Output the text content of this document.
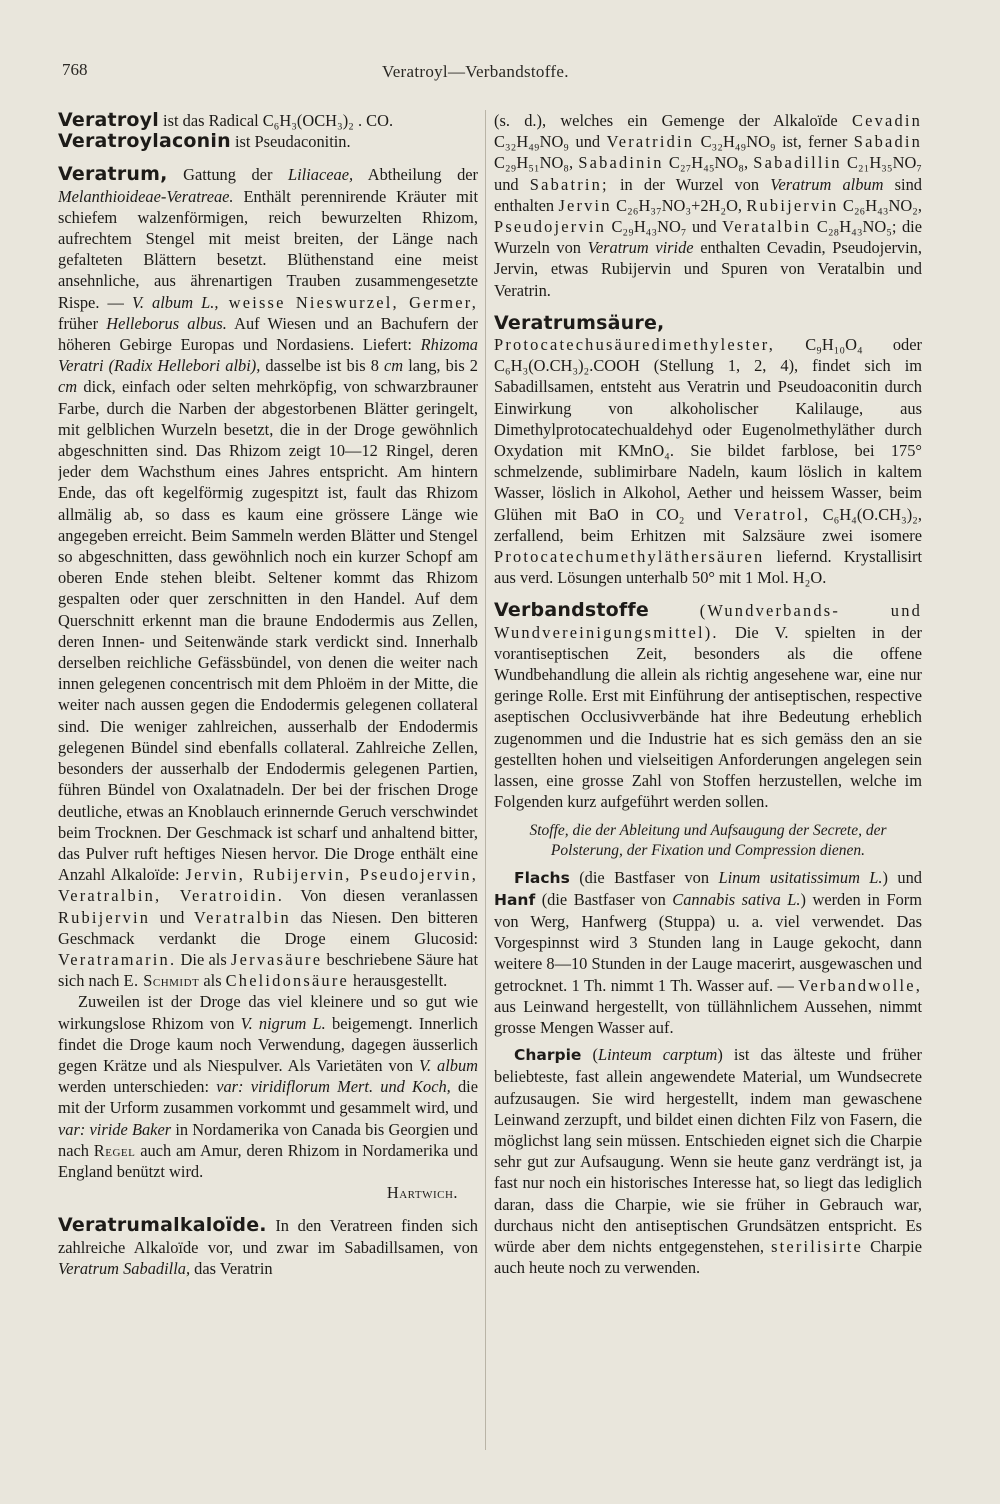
768	Veratroyl—Verbandstoffe.

Veratroyl ist das Radical C₆H₃(OCH₃)₂ . CO.

Veratroylaconin ist Pseudaconitin.

Veratrum, Gattung der Liliaceae, Abtheilung der Melanthioideae-Veratreae. Enthält perennirende Kräuter mit schiefem walzenförmigen, reich bewurzelten Rhizom, aufrechtem Stengel mit meist breiten, der Länge nach gefalteten Blättern besetzt. Blüthenstand eine meist ansehnliche, aus ährenartigen Trauben zusammengesetzte Rispe. — V. album L., weisse Nieswurzel, Germer, früher Helleborus albus. Auf Wiesen und an Bachufern der höheren Gebirge Europas und Nordasiens. Liefert: Rhizoma Veratri (Radix Hellebori albi), dasselbe ist bis 8 cm lang, bis 2 cm dick, einfach oder selten mehrköpfig, von schwarzbrauner Farbe, durch die Narben der abgestorbenen Blätter geringelt, mit gelblichen Wurzeln besetzt, die in der Droge gewöhnlich abgeschnitten sind. Das Rhizom zeigt 10—12 Ringel, deren jeder dem Wachsthum eines Jahres entspricht. Am hintern Ende, das oft kegelförmig zugespitzt ist, fault das Rhizom allmälig ab, so dass es kaum eine grössere Länge wie angegeben erreicht. Beim Sammeln werden Blätter und Stengel so abgeschnitten, dass gewöhnlich noch ein kurzer Schopf am oberen Ende stehen bleibt. Seltener kommt das Rhizom gespalten oder quer zerschnitten in den Handel. Auf dem Querschnitt erkennt man die braune Endodermis aus Zellen, deren Innen- und Seitenwände stark verdickt sind. Innerhalb derselben reichliche Gefässbündel, von denen die weiter nach innen gelegenen concentrisch mit dem Phloëm in der Mitte, die weiter nach aussen gegen die Endodermis gelegenen collateral sind. Die weniger zahlreichen, ausserhalb der Endodermis gelegenen Bündel sind ebenfalls collateral. Zahlreiche Zellen, besonders der ausserhalb der Endodermis gelegenen Partien, führen Bündel von Oxalatnadeln. Der bei der frischen Droge deutliche, etwas an Knoblauch erinnernde Geruch verschwindet beim Trocknen. Der Geschmack ist scharf und anhaltend bitter, das Pulver ruft heftiges Niesen hervor. Die Droge enthält eine Anzahl Alkaloïde: Jervin, Rubijervin, Pseudojervin, Veratralbin, Veratroidin. Von diesen veranlassen Rubijervin und Veratralbin das Niesen. Den bitteren Geschmack verdankt die Droge einem Glucosid: Veratramarin. Die als Jervasäure beschriebene Säure hat sich nach E. Schmidt als Chelidonsäure herausgestellt.

Zuweilen ist der Droge das viel kleinere und so gut wie wirkungslose Rhizom von V. nigrum L. beigemengt. Innerlich findet die Droge kaum noch Verwendung, dagegen äusserlich gegen Krätze und als Niespulver. Als Varietäten von V. album werden unterschieden: var: viridiflorum Mert. und Koch, die mit der Urform zusammen vorkommt und gesammelt wird, und var: viride Baker in Nordamerika von Canada bis Georgien und nach Regel auch am Amur, deren Rhizom in Nordamerika und England benützt wird.
Hartwich.

Veratrumalkaloïde. In den Veratreen finden sich zahlreiche Alkaloïde vor, und zwar im Sabadillsamen, von Veratrum Sabadilla, das Veratrin

(s. d.), welches ein Gemenge der Alkaloïde Cevadin C₃₂H₄₉NO₉ und Veratridin C₃₂H₄₉NO₉ ist, ferner Sabadin C₂₉H₅₁NO₈, Sabadinin C₂₇H₄₅NO₈, Sabadillin C₂₁H₃₅NO₇ und Sabatrin; in der Wurzel von Veratrum album sind enthalten Jervin C₂₆H₃₇NO₃+2H₂O, Rubijervin C₂₆H₄₃NO₂, Pseudojervin C₂₉H₄₃NO₇ und Veratalbin C₂₈H₄₃NO₅; die Wurzeln von Veratrum viride enthalten Cevadin, Pseudojervin, Jervin, etwas Rubijervin und Spuren von Veratalbin und Veratrin.

Veratrumsäure, Protocatechusäuredimethylester, C₉H₁₀O₄ oder C₆H₃(O.CH₃)₂.COOH (Stellung 1, 2, 4), findet sich im Sabadillsamen, entsteht aus Veratrin und Pseudoaconitin durch Einwirkung von alkoholischer Kalilauge, aus Dimethylprotocatechualdehyd oder Eugenolmethyläther durch Oxydation mit KMnO₄. Sie bildet farblose, bei 175° schmelzende, sublimirbare Nadeln, kaum löslich in kaltem Wasser, löslich in Alkohol, Aether und heissem Wasser, beim Glühen mit BaO in CO₂ und Veratrol, C₆H₄(O.CH₃)₂, zerfallend, beim Erhitzen mit Salzsäure zwei isomere Protocatechumethyläthersäuren liefernd. Krystallisirt aus verd. Lösungen unterhalb 50° mit 1 Mol. H₂O.

Verbandstoffe (Wundverbands- und Wundvereinigungsmittel). Die V. spielten in der vorantiseptischen Zeit, besonders als die offene Wundbehandlung die allein als richtig angesehene war, eine nur geringe Rolle. Erst mit Einführung der antiseptischen, respective aseptischen Occlusivverbände hat ihre Bedeutung erheblich zugenommen und die Industrie hat es sich gemäss den an sie gestellten hohen und vielseitigen Anforderungen angelegen sein lassen, eine grosse Zahl von Stoffen herzustellen, welche im Folgenden kurz aufgeführt werden sollen.

Stoffe, die der Ableitung und Aufsaugung der Secrete, der Polsterung, der Fixation und Compression dienen.

Flachs (die Bastfaser von Linum usitatissimum L.) und Hanf (die Bastfaser von Cannabis sativa L.) werden in Form von Werg, Hanfwerg (Stuppa) u. a. viel verwendet. Das Vorgespinnst wird 3 Stunden lang in Lauge gekocht, dann weitere 8—10 Stunden in der Lauge macerirt, ausgewaschen und getrocknet. 1 Th. nimmt 1 Th. Wasser auf. — Verbandwolle, aus Leinwand hergestellt, von tüllähnlichem Aussehen, nimmt grosse Mengen Wasser auf.

Charpie (Linteum carptum) ist das älteste und früher beliebteste, fast allein angewendete Material, um Wundsecrete aufzusaugen. Sie wird hergestellt, indem man gewaschene Leinwand zerzupft, und bildet einen dichten Filz von Fasern, die möglichst lang sein müssen. Entschieden eignet sich die Charpie sehr gut zur Aufsaugung. Wenn sie heute ganz verdrängt ist, ja fast nur noch ein historisches Interesse hat, so liegt das lediglich daran, dass die Charpie, wie sie früher in Gebrauch war, durchaus nicht den antiseptischen Grundsätzen entspricht. Es würde aber dem nichts entgegenstehen, sterilisirte Charpie auch heute noch zu verwenden.
